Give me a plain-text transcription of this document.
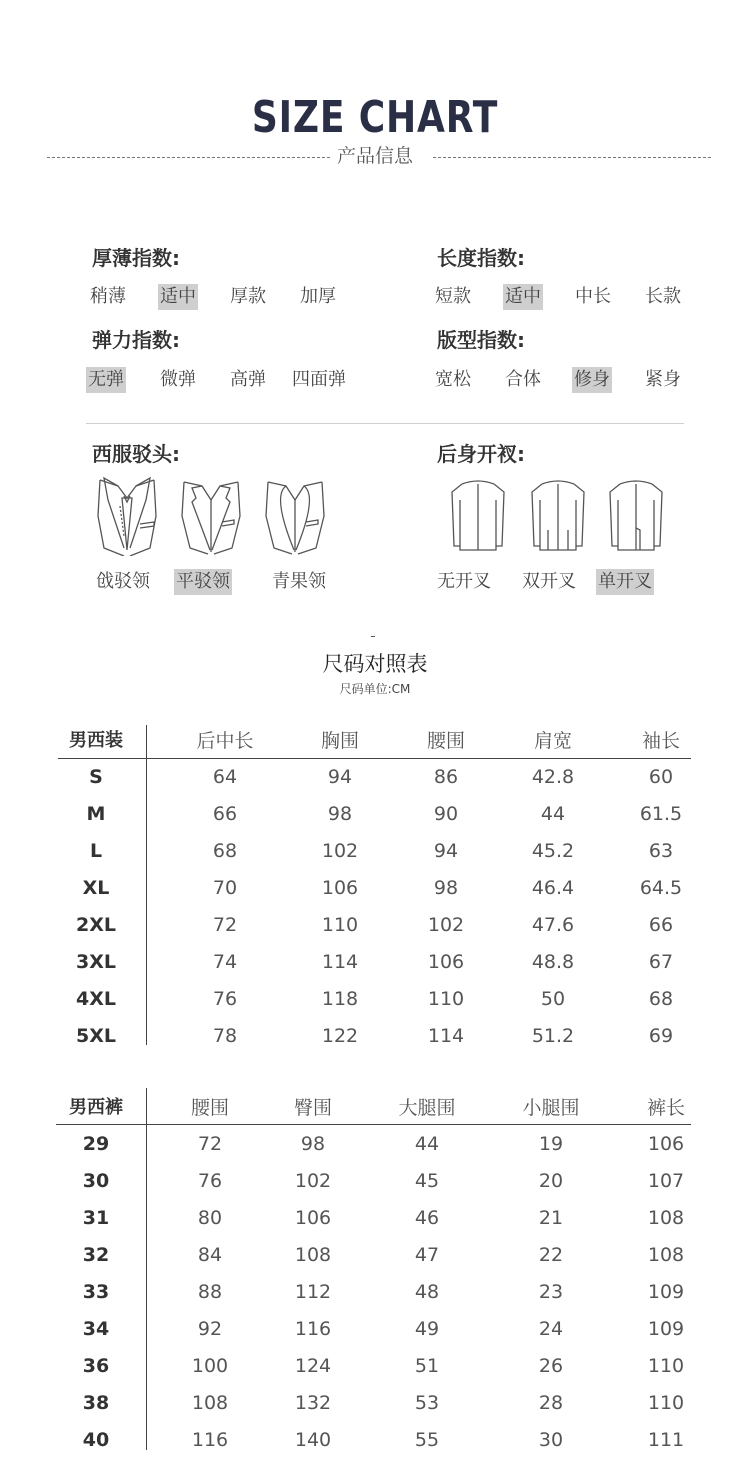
SIZE CHART
产品信息
厚薄指数:
稍薄 适中 厚款 加厚
长度指数:
短款 适中 中长 长款
弹力指数:
无弹 微弹 高弹 四面弹
版型指数:
宽松 合体 修身 紧身
西服驳头:
戗驳领 平驳领 青果领
后身开衩:
无开叉 双开叉 单开叉
尺码对照表
尺码单位:CM
男西装	后中长	胸围	腰围	肩宽	袖长
S	64	94	86	42.8	60
M	66	98	90	44	61.5
L	68	102	94	45.2	63
XL	70	106	98	46.4	64.5
2XL	72	110	102	47.6	66
3XL	74	114	106	48.8	67
4XL	76	118	110	50	68
5XL	78	122	114	51.2	69
男西裤	腰围	臀围	大腿围	小腿围	裤长
29	72	98	44	19	106
30	76	102	45	20	107
31	80	106	46	21	108
32	84	108	47	22	108
33	88	112	48	23	109
34	92	116	49	24	109
36	100	124	51	26	110
38	108	132	53	28	110
40	116	140	55	30	111
